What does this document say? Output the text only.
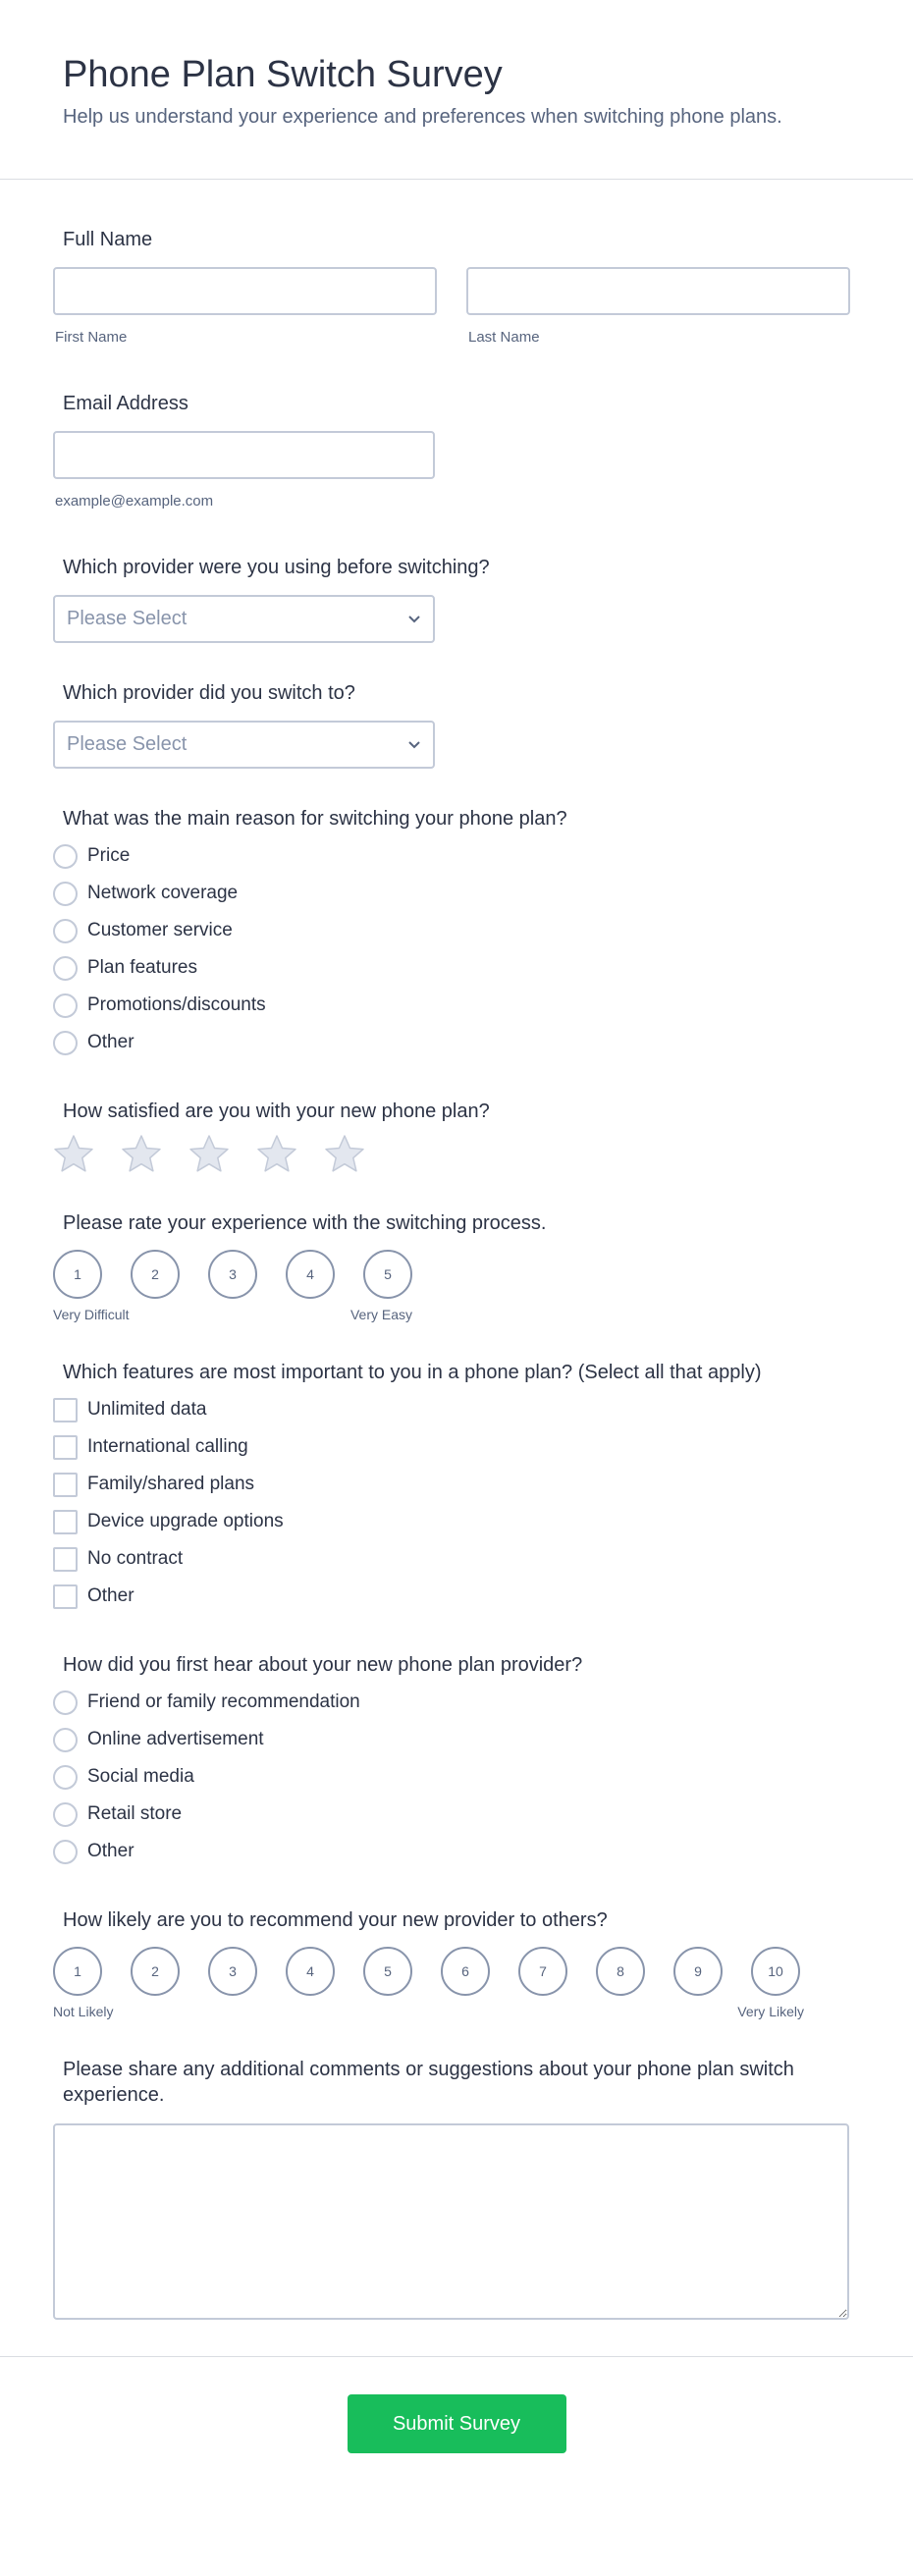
Phone Plan Switch Survey

Help us understand your experience and preferences when switching phone plans.

Full Name
First Name	Last Name
Email Address
example@example.com
Which provider were you using before switching?
Please Select
Which provider did you switch to?
Please Select
What was the main reason for switching your phone plan?
Price
Network coverage
Customer service
Plan features
Promotions/discounts
Other
How satisfied are you with your new phone plan?
Please rate your experience with the switching process.
1	2	3	4	5
Very Difficult	Very Easy
Which features are most important to you in a phone plan? (Select all that apply)
Unlimited data
International calling
Family/shared plans
Device upgrade options
No contract
Other
How did you first hear about your new phone plan provider?
Friend or family recommendation
Online advertisement
Social media
Retail store
Other
How likely are you to recommend your new provider to others?
1	2	3	4	5	6	7	8	9	10
Not Likely	Very Likely
Please share any additional comments or suggestions about your phone plan switch experience.
Submit Survey
